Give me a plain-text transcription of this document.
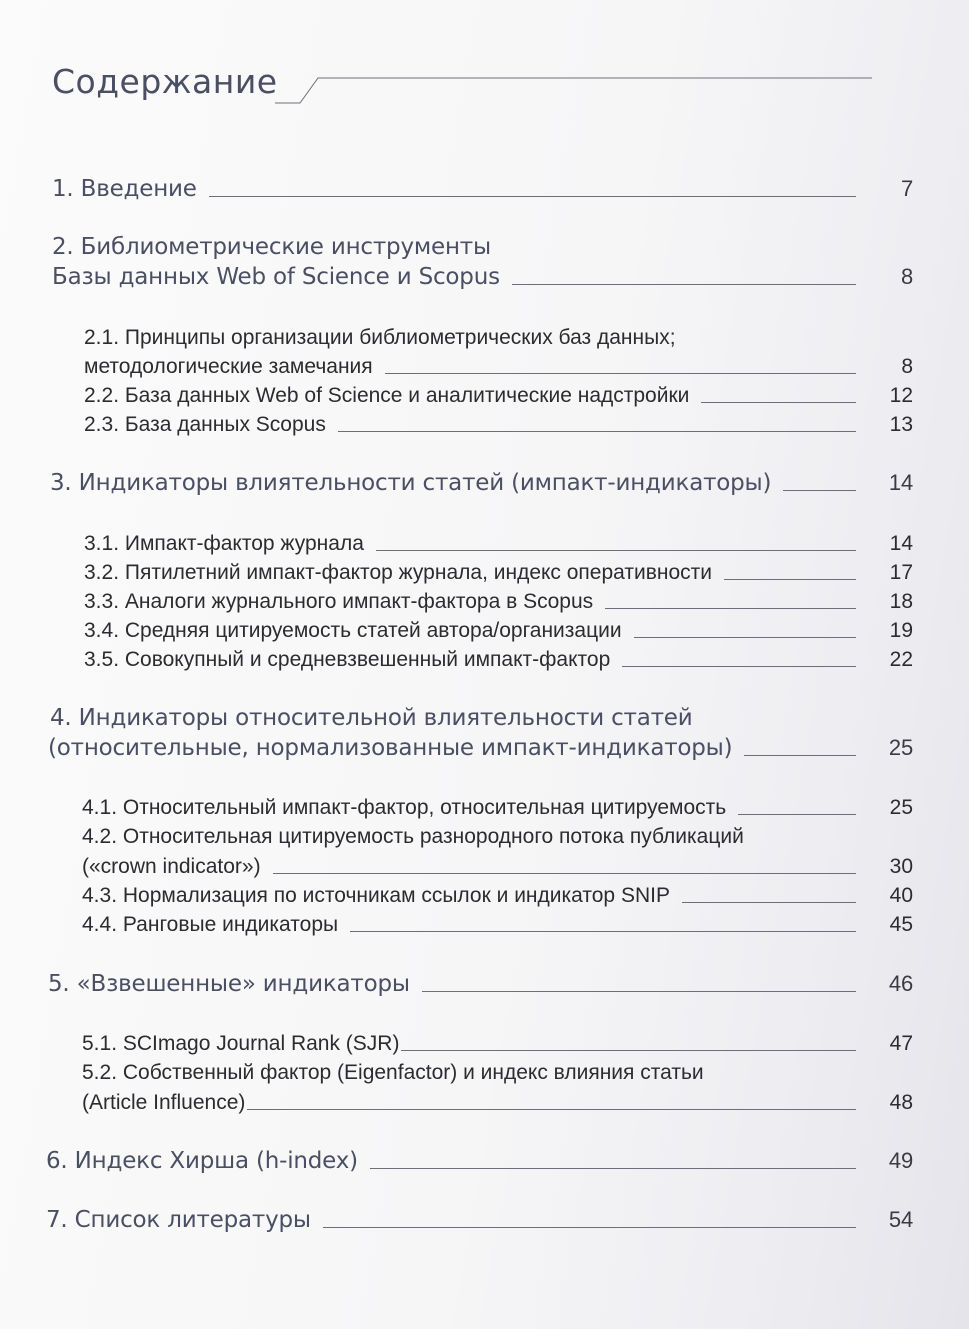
Содержание
1. Введение	7
2. Библиометрические инструменты
Базы данных Web of Science и Scopus	8
2.1. Принципы организации библиометрических баз данных;
методологические замечания	8
2.2. База данных Web of Science и аналитические надстройки	12
2.3. База данных Scopus	13
3. Индикаторы влиятельности статей (импакт-индикаторы)	14
3.1. Импакт-фактор журнала	14
3.2. Пятилетний импакт-фактор журнала, индекс оперативности	17
3.3. Аналоги журнального импакт-фактора в Scopus	18
3.4. Средняя цитируемость статей автора/организации	19
3.5. Совокупный и средневзвешенный импакт-фактор	22
4. Индикаторы относительной влиятельности статей
(относительные, нормализованные импакт-индикаторы)	25
4.1. Относительный импакт-фактор, относительная цитируемость	25
4.2. Относительная цитируемость разнородного потока публикаций
(«crown indicator»)	30
4.3. Нормализация по источникам ссылок и индикатор SNIP	40
4.4. Ранговые индикаторы	45
5. «Взвешенные» индикаторы	46
5.1. SCImago Journal Rank (SJR)	47
5.2. Собственный фактор (Eigenfactor) и индекс влияния статьи
(Article Influence)	48
6. Индекс Хирша (h-index)	49
7. Список литературы	54
